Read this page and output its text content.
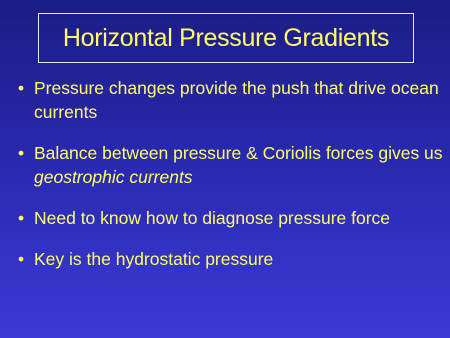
Horizontal Pressure Gradients
• Pressure changes provide the push that drive ocean currents
• Balance between pressure & Coriolis forces gives us geostrophic currents
• Need to know how to diagnose pressure force
• Key is the hydrostatic pressure
